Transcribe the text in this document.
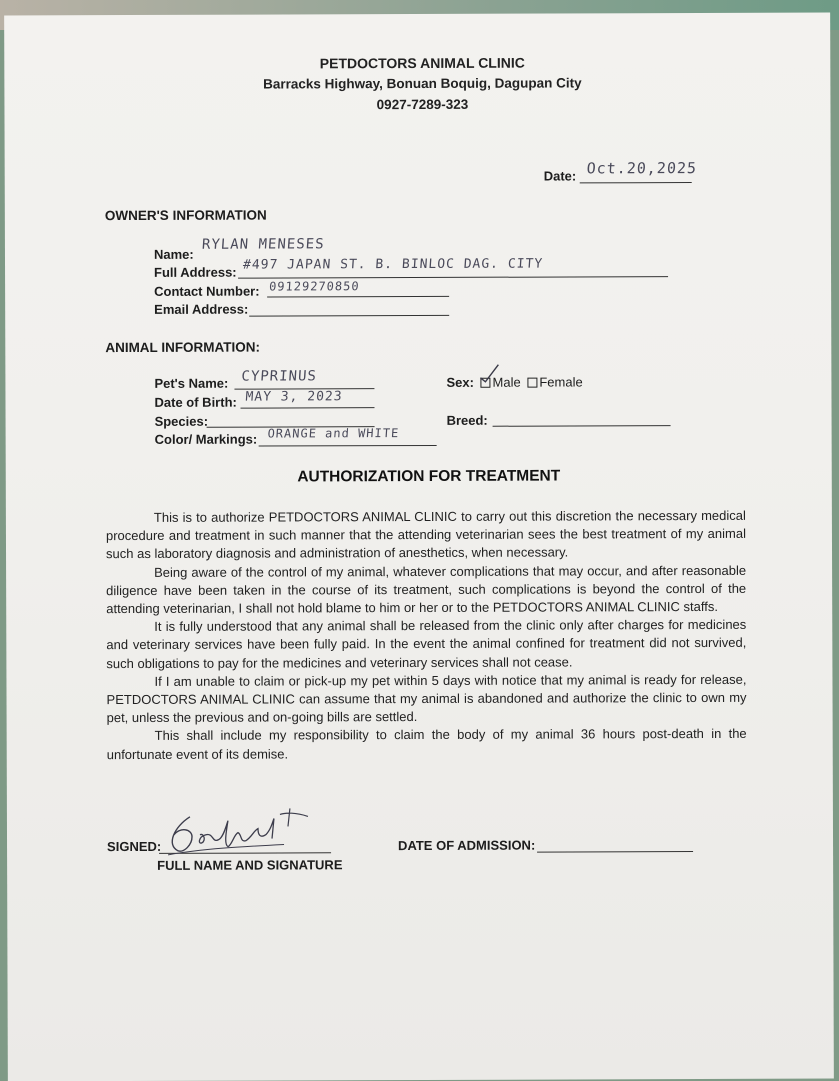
PETDOCTORS ANIMAL CLINIC
Barracks Highway, Bonuan Boquig, Dagupan City
0927-7289-323
Date: Oct.20,2025
OWNER'S INFORMATION
Name:
RYLAN MENESES
Full Address: #497 JAPAN ST. B. BINLOC DAG. CITY
Contact Number: 09129270850
Email Address:
ANIMAL INFORMATION:
Pet's Name: CYPRINUS
Date of Birth: MAY 3, 2023
Species:
Color/ Markings: ORANGE and WHITE
Sex: Male Female
Breed:
AUTHORIZATION FOR TREATMENT

This is to authorize PETDOCTORS ANIMAL CLINIC to carry out this discretion the necessary medical procedure and treatment in such manner that the attending veterinarian sees the best treatment of my animal such as laboratory diagnosis and administration of anesthetics, when necessary.

Being aware of the control of my animal, whatever complications that may occur, and after reasonable diligence have been taken in the course of its treatment, such complications is beyond the control of the attending veterinarian, I shall not hold blame to him or her or to the PETDOCTORS ANIMAL CLINIC staffs.

It is fully understood that any animal shall be released from the clinic only after charges for medicines and veterinary services have been fully paid. In the event the animal confined for treatment did not survived, such obligations to pay for the medicines and veterinary services shall not cease.

If I am unable to claim or pick-up my pet within 5 days with notice that my animal is ready for release, PETDOCTORS ANIMAL CLINIC can assume that my animal is abandoned and authorize the clinic to own my pet, unless the previous and on-going bills are settled.

This shall include my responsibility to claim the body of my animal 36 hours post-death in the unfortunate event of its demise.

SIGNED:
FULL NAME AND SIGNATURE
DATE OF ADMISSION:
